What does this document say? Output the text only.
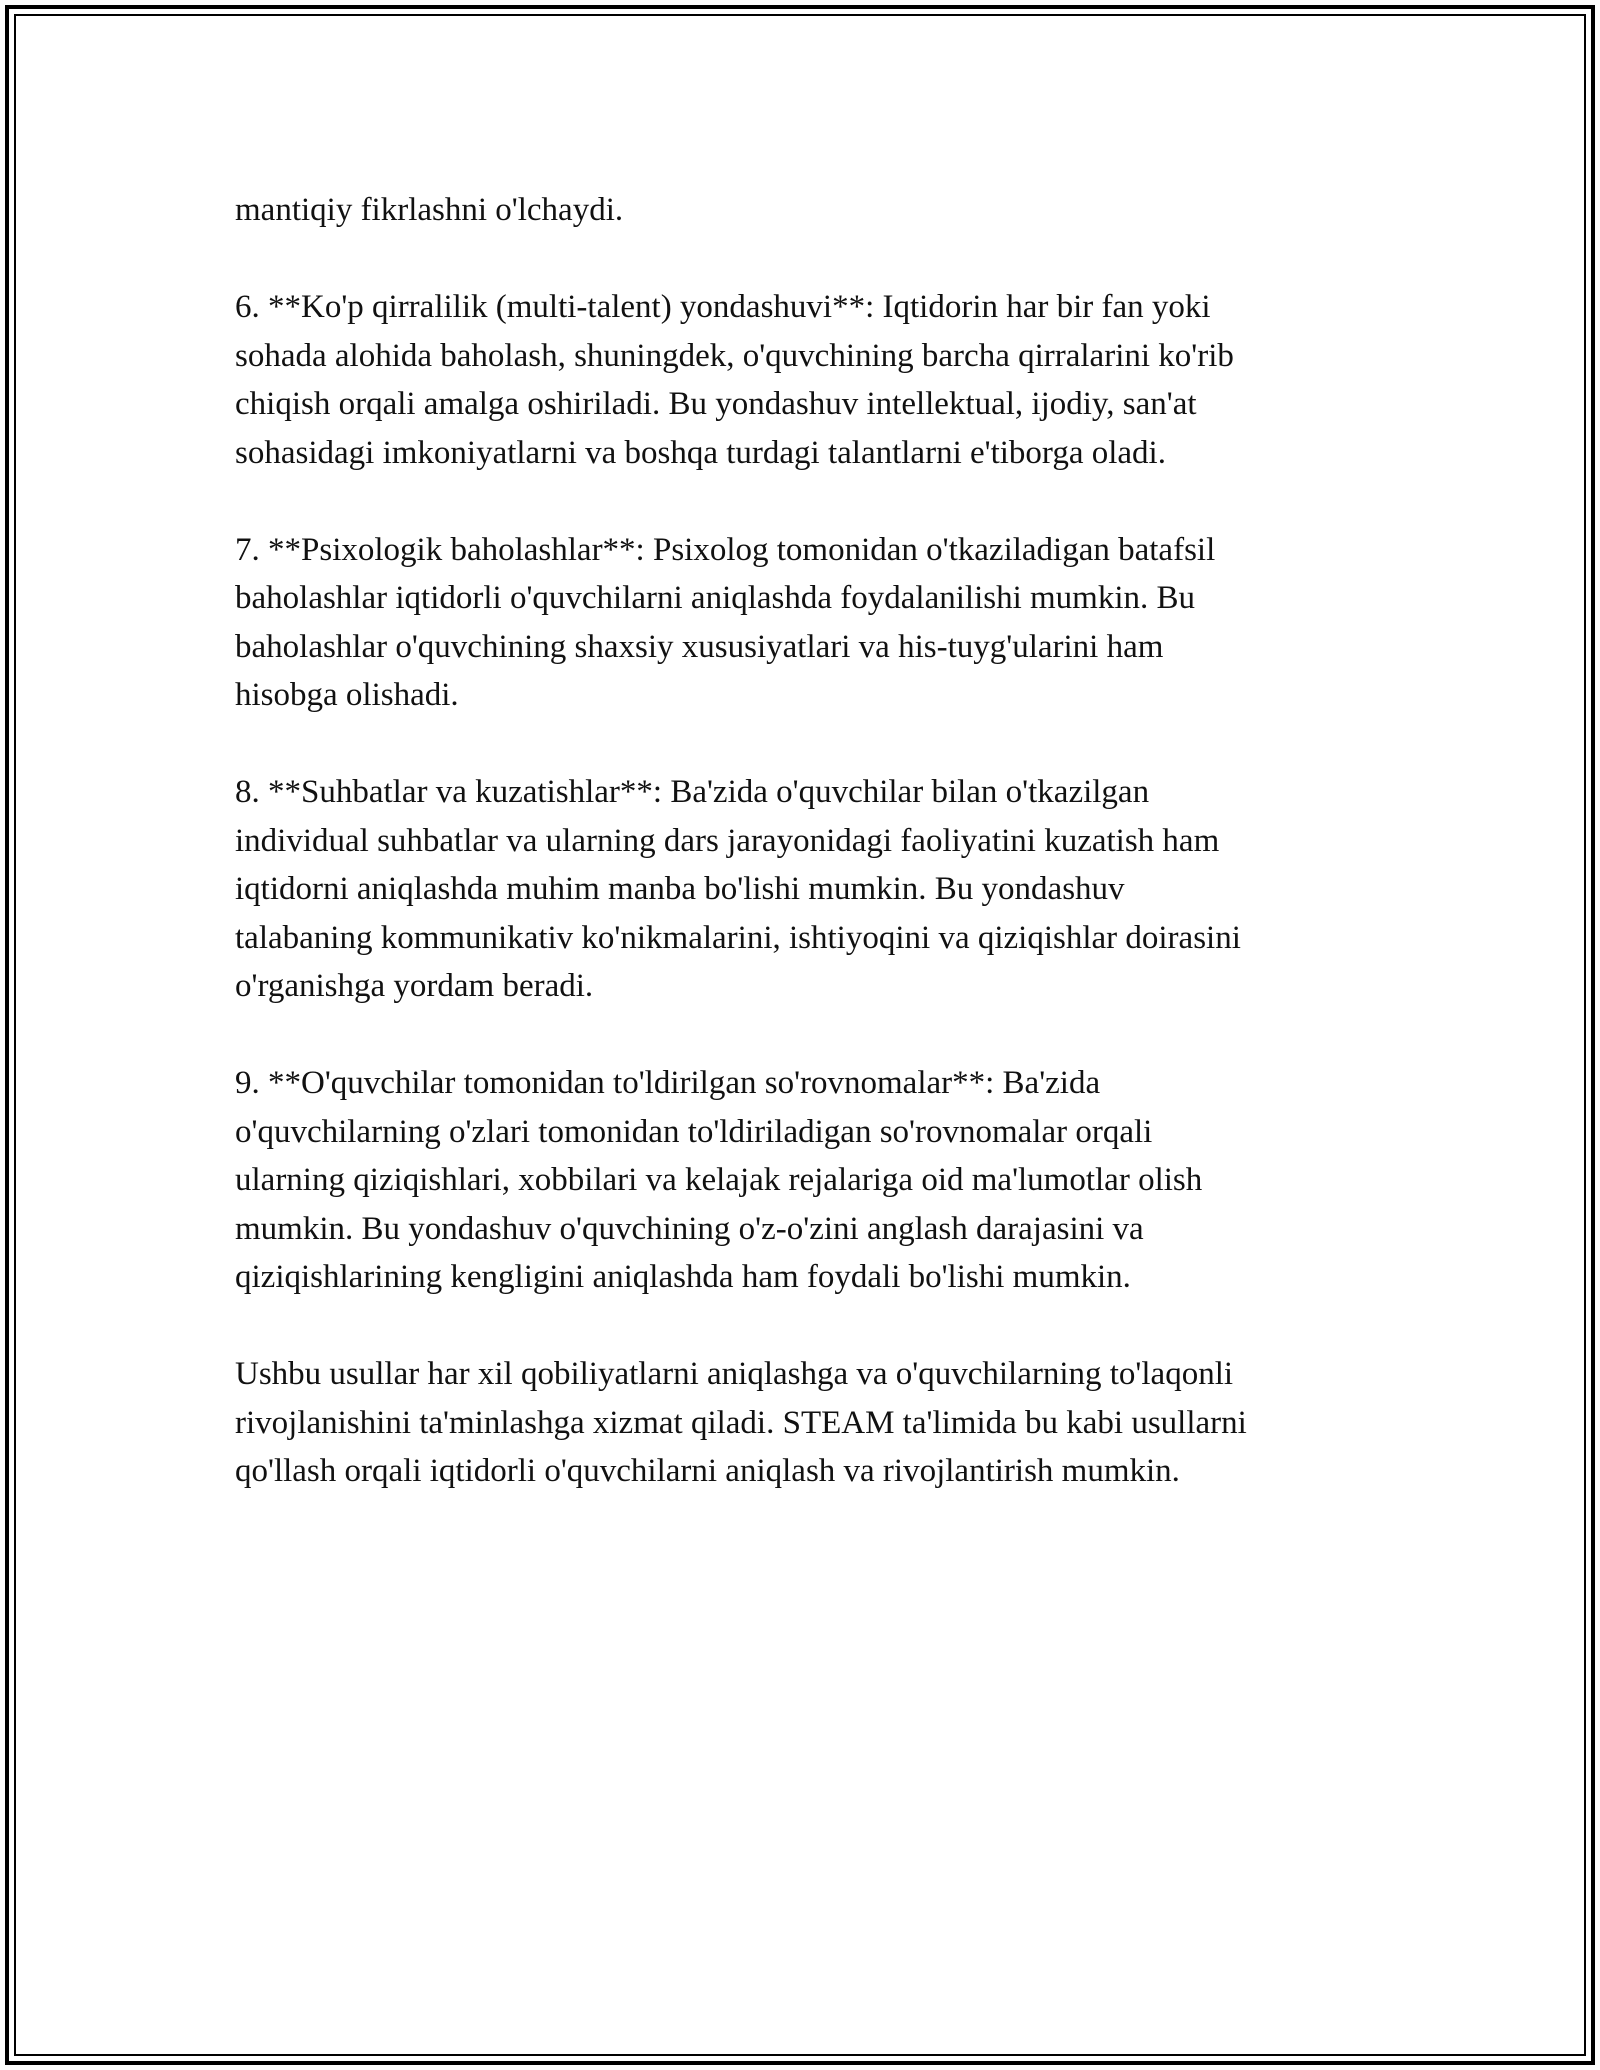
mantiqiy fikrlashni o'lchaydi.

6. **Ko'p qirralilik (multi-talent) yondashuvi**: Iqtidorin har bir fan yoki
sohada alohida baholash, shuningdek, o'quvchining barcha qirralarini ko'rib
chiqish orqali amalga oshiriladi. Bu yondashuv intellektual, ijodiy, san'at
sohasidagi imkoniyatlarni va boshqa turdagi talantlarni e'tiborga oladi.

7. **Psixologik baholashlar**: Psixolog tomonidan o'tkaziladigan batafsil
baholashlar iqtidorli o'quvchilarni aniqlashda foydalanilishi mumkin. Bu
baholashlar o'quvchining shaxsiy xususiyatlari va his-tuyg'ularini ham
hisobga olishadi.

8. **Suhbatlar va kuzatishlar**: Ba'zida o'quvchilar bilan o'tkazilgan
individual suhbatlar va ularning dars jarayonidagi faoliyatini kuzatish ham
iqtidorni aniqlashda muhim manba bo'lishi mumkin. Bu yondashuv
talabaning kommunikativ ko'nikmalarini, ishtiyoqini va qiziqishlar doirasini
o'rganishga yordam beradi.

9. **O'quvchilar tomonidan to'ldirilgan so'rovnomalar**: Ba'zida
o'quvchilarning o'zlari tomonidan to'ldiriladigan so'rovnomalar orqali
ularning qiziqishlari, xobbilari va kelajak rejalariga oid ma'lumotlar olish
mumkin. Bu yondashuv o'quvchining o'z-o'zini anglash darajasini va
qiziqishlarining kengligini aniqlashda ham foydali bo'lishi mumkin.

Ushbu usullar har xil qobiliyatlarni aniqlashga va o'quvchilarning to'laqonli
rivojlanishini ta'minlashga xizmat qiladi. STEAM ta'limida bu kabi usullarni
qo'llash orqali iqtidorli o'quvchilarni aniqlash va rivojlantirish mumkin.
